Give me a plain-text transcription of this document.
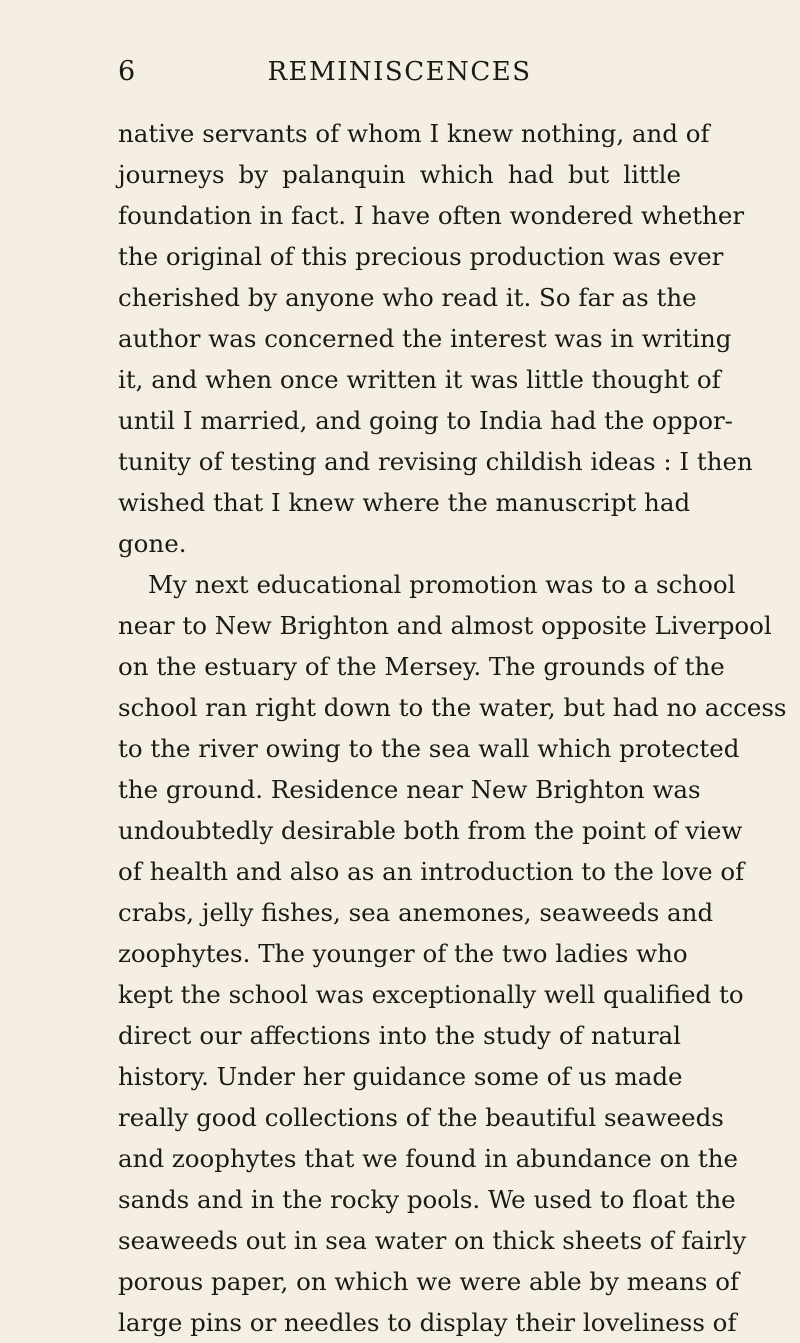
6	REMINISCENCES
native servants of whom I knew nothing, and of
journeys by palanquin which had but little
foundation in fact. I have often wondered whether
the original of this precious production was ever
cherished by anyone who read it. So far as the
author was concerned the interest was in writing
it, and when once written it was little thought of
until I married, and going to India had the oppor-
tunity of testing and revising childish ideas : I then
wished that I knew where the manuscript had
gone.
My next educational promotion was to a school
near to New Brighton and almost opposite Liverpool
on the estuary of the Mersey. The grounds of the
school ran right down to the water, but had no access
to the river owing to the sea wall which protected
the ground. Residence near New Brighton was
undoubtedly desirable both from the point of view
of health and also as an introduction to the love of
crabs, jelly fishes, sea anemones, seaweeds and
zoophytes. The younger of the two ladies who
kept the school was exceptionally well qualified to
direct our affections into the study of natural
history. Under her guidance some of us made
really good collections of the beautiful seaweeds
and zoophytes that we found in abundance on the
sands and in the rocky pools. We used to float the
seaweeds out in sea water on thick sheets of fairly
porous paper, on which we were able by means of
large pins or needles to display their loveliness of
